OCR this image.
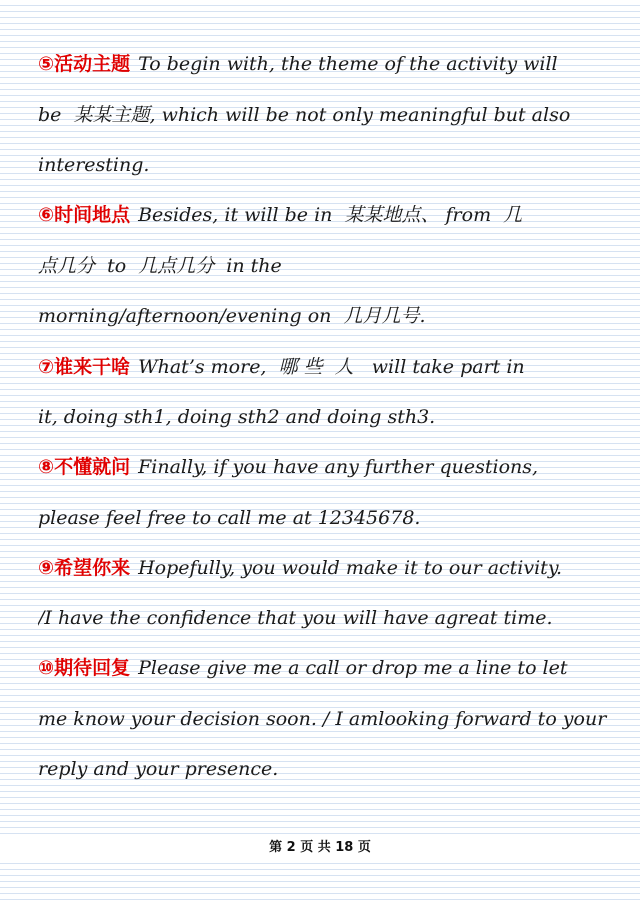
⑤活动主题 To begin with, the theme of the activity will
be  某某主题, which will be not only meaningful but also
interesting.
⑥时间地点 Besides, it will be in  某某地点、 from  几
点几分  to  几点几分  in the
morning/afternoon/evening on  几月几号.
⑦谁来干啥 What’s more,  哪 些  人   will take part in
it, doing sth1, doing sth2 and doing sth3.
⑧不懂就问 Finally, if you have any further questions,
please feel free to call me at 12345678.
⑨希望你来 Hopefully, you would make it to our activity.
/I have the confidence that you will have agreat time.
⑩期待回复 Please give me a call or drop me a line to let
me know your decision soon. / I amlooking forward to your
reply and your presence.
第 2 页 共 18 页
